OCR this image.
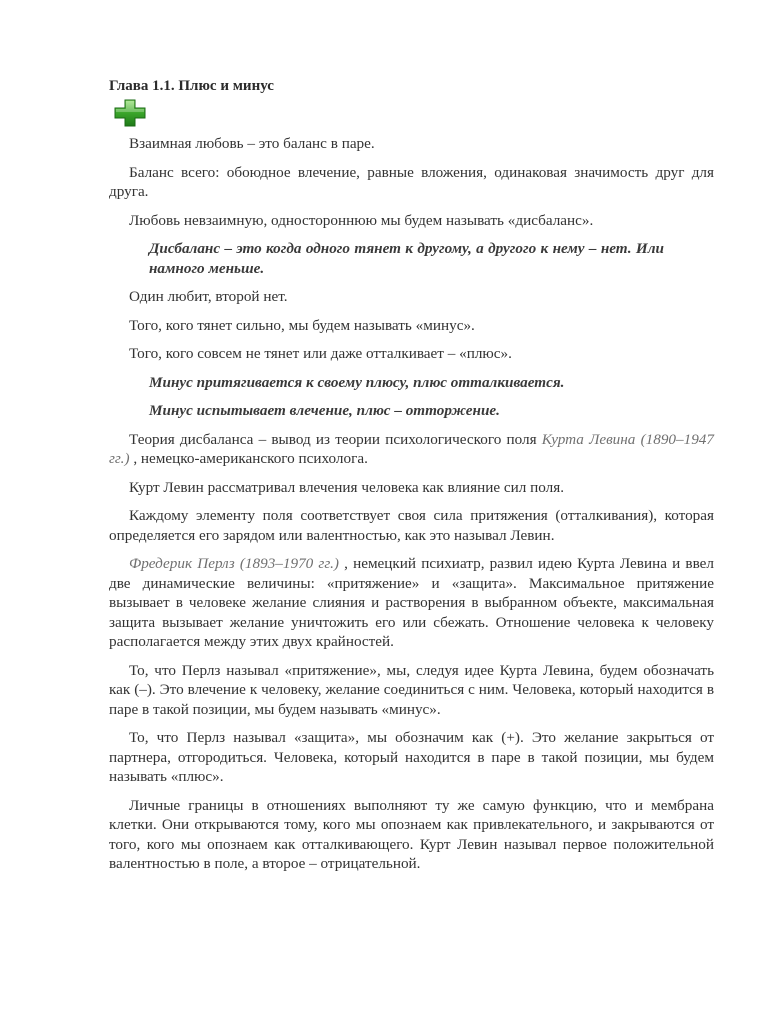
Глава 1.1. Плюс и минус

Взаимная любовь – это баланс в паре.

Баланс всего: обоюдное влечение, равные вложения, одинаковая значимость друг для друга.

Любовь невзаимную, одностороннюю мы будем называть «дисбаланс».

Дисбаланс – это когда одного тянет к другому, а другого к нему – нет. Или намного меньше.

Один любит, второй нет.

Того, кого тянет сильно, мы будем называть «минус».

Того, кого совсем не тянет или даже отталкивает – «плюс».

Минус притягивается к своему плюсу, плюс отталкивается.

Минус испытывает влечение, плюс – отторжение.

Теория дисбаланса – вывод из теории психологического поля Курта Левина (1890–1947 гг.) , немецко-американского психолога.

Курт Левин рассматривал влечения человека как влияние сил поля.

Каждому элементу поля соответствует своя сила притяжения (отталкивания), которая определяется его зарядом или валентностью, как это называл Левин.

Фредерик Перлз (1893–1970 гг.) , немецкий психиатр, развил идею Курта Левина и ввел две динамические величины: «притяжение» и «защита». Максимальное притяжение вызывает в человеке желание слияния и растворения в выбранном объекте, максимальная защита вызывает желание уничтожить его или сбежать. Отношение человека к человеку располагается между этих двух крайностей.

То, что Перлз называл «притяжение», мы, следуя идее Курта Левина, будем обозначать как (–). Это влечение к человеку, желание соединиться с ним. Человека, который находится в паре в такой позиции, мы будем называть «минус».

То, что Перлз называл «защита», мы обозначим как (+). Это желание закрыться от партнера, отгородиться. Человека, который находится в паре в такой позиции, мы будем называть «плюс».

Личные границы в отношениях выполняют ту же самую функцию, что и мембрана клетки. Они открываются тому, кого мы опознаем как привлекательного, и закрываются от того, кого мы опознаем как отталкивающего. Курт Левин называл первое положительной валентностью в поле, а второе – отрицательной.
